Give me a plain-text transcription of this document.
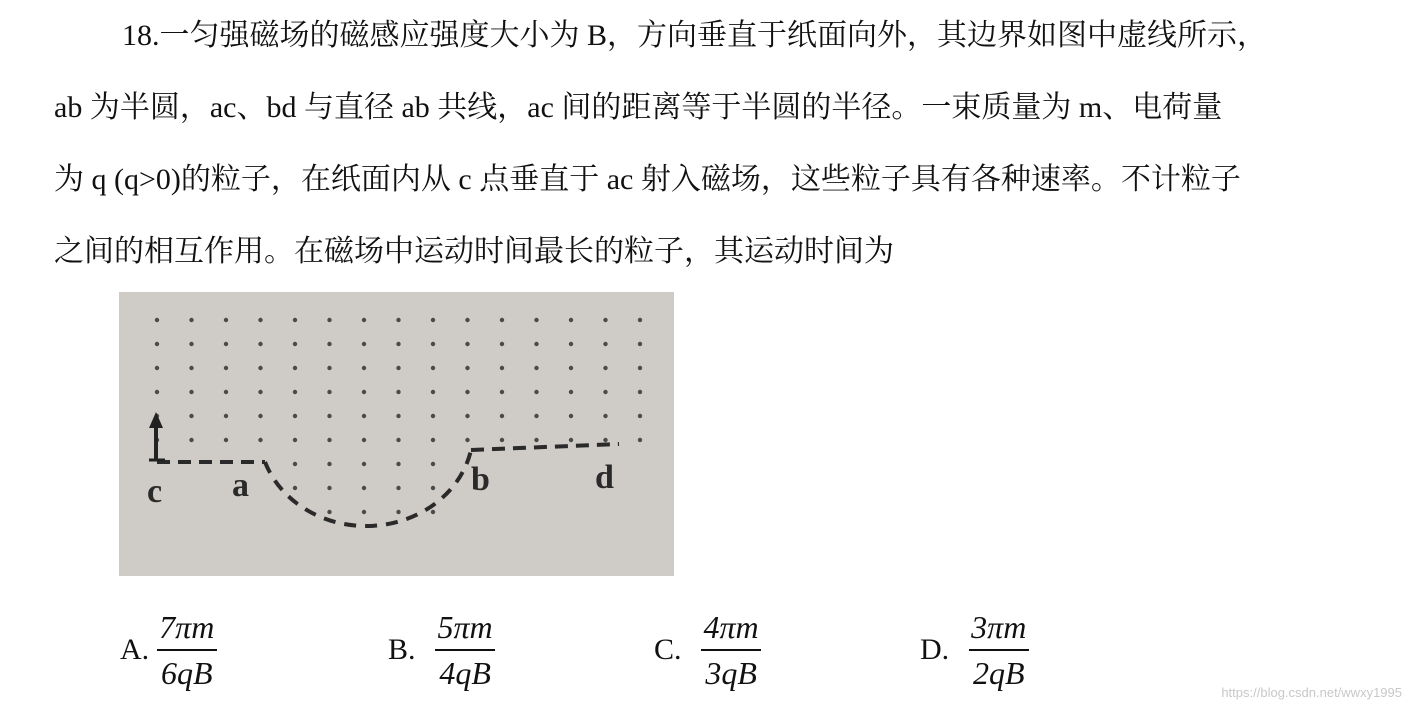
18.一匀强磁场的磁感应强度大小为 B，方向垂直于纸面向外，其边界如图中虚线所示，
ab 为半圆，ac、bd 与直径 ab 共线，ac 间的距离等于半圆的半径。一束质量为 m、电荷量
为 q (q>0)的粒子，在纸面内从 c 点垂直于 ac 射入磁场，这些粒子具有各种速率。不计粒子
之间的相互作用。在磁场中运动时间最长的粒子，其运动时间为
c a	b	d
A. $\frac{7\pi m}{6qB}$	B. $\frac{5\pi m}{4qB}$	C. $\frac{4\pi m}{3qB}$	D. $\frac{3\pi m}{2qB}$	https://blog.csdn.net/wwxy1995
